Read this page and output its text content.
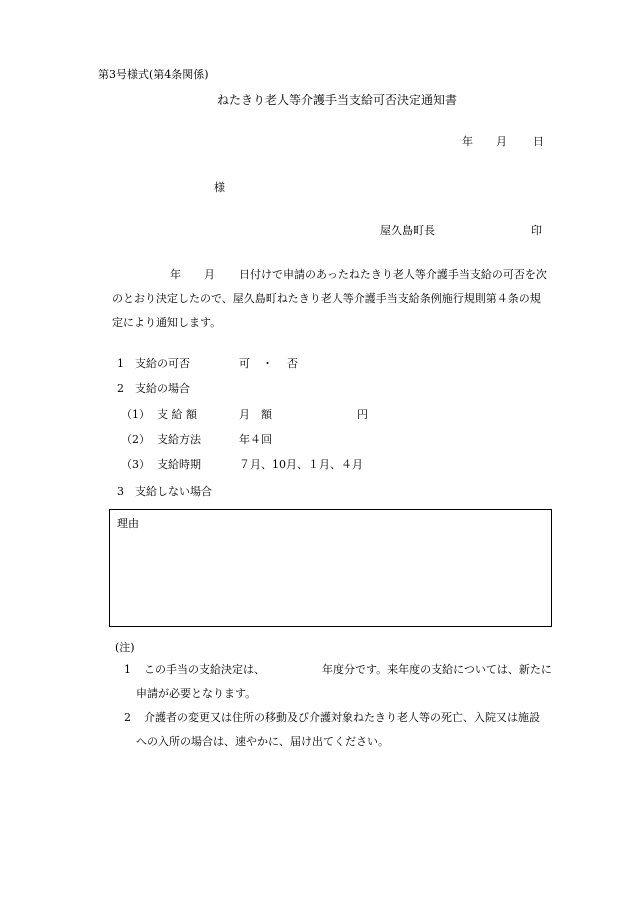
第3号様式(第4条関係)
ねたきり老人等介護手当支給可否決定通知書
年 月 日
様
屋久島町長	印
年 月 日付けで申請のあったねたきり老人等介護手当支給の可否を次
のとおり決定したので、屋久島町ねたきり老人等介護手当支給条例施行規則第４条の規
定により通知します。
1 支給の可否	可 ・ 否
2 支給の場合
（1） 支 給 額	月　額	円
（2） 支給方法	年４回
（3） 支給時期	７月、10月、１月、４月
3 支給しない場合
理由
(注)
1 この手当の支給決定は、	年度分です。来年度の支給については、新たに
申請が必要となります。
2 介護者の変更又は住所の移動及び介護対象ねたきり老人等の死亡、入院又は施設
への入所の場合は、速やかに、届け出てください。
